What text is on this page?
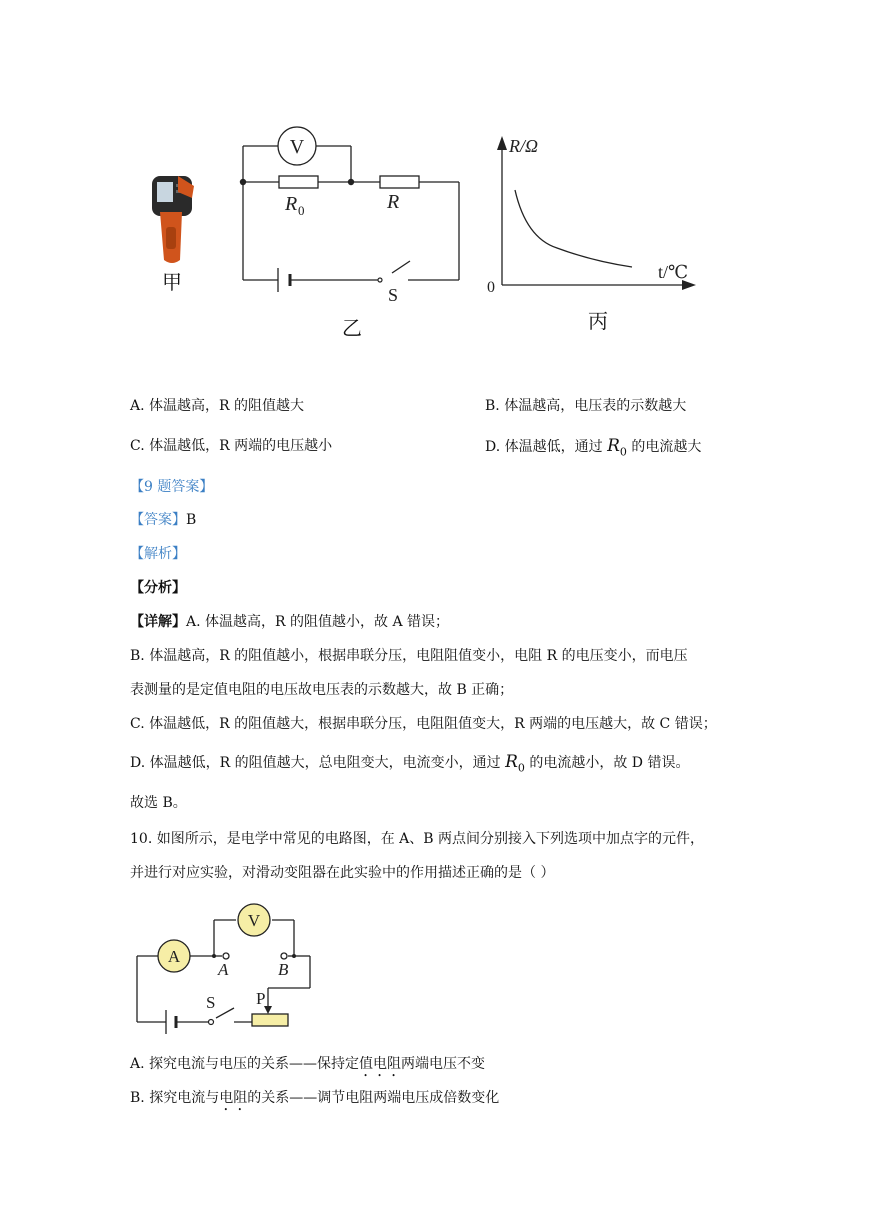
甲
V
R 0	R
S
乙
R/Ω
t/℃
0
丙
A. 体温越高，R 的阻值越大	B. 体温越高，电压表的示数越大
C. 体温越低，R 两端的电压越小	D. 体温越低，通过 $R_0$ 的电流越大
【9 题答案】
【答案】B
【解析】
【分析】
【详解】A. 体温越高，R 的阻值越小，故 A 错误；
B. 体温越高，R 的阻值越小，根据串联分压，电阻阻值变小，电阻 R 的电压变小，而电压
表测量的是定值电阻的电压故电压表的示数越大，故 B 正确；
C. 体温越低，R 的阻值越大，根据串联分压，电阻阻值变大，R 两端的电压越大，故 C 错误；
D. 体温越低，R 的阻值越大，总电阻变大，电流变小，通过 $R_0$ 的电流越小，故 D 错误。
故选 B。
10. 如图所示，是电学中常见的电路图，在 A、B 两点间分别接入下列选项中加点字的元件，
并进行对应实验，对滑动变阻器在此实验中的作用描述正确的是（ ）
A
V
A	B
S P
A. 探究电流与电压的关系——保持定值电阻两端电压不变
B. 探究电流与电阻的关系——调节电阻两端电压成倍数变化
